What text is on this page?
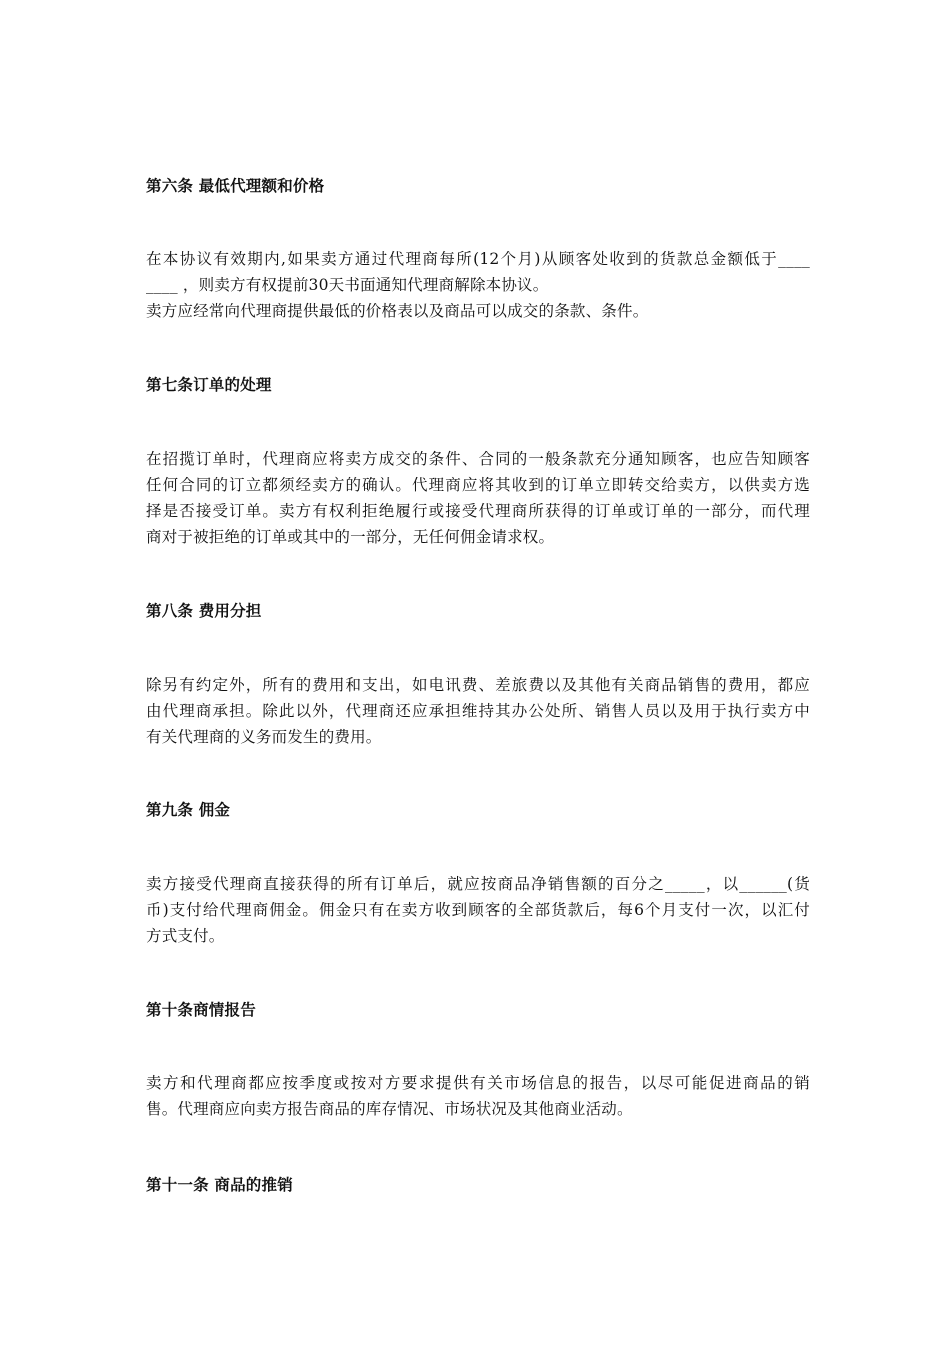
第六条 最低代理额和价格
在本协议有效期内,如果卖方通过代理商每所(12个月)从顾客处收到的货款总金额低于____
____ ，则卖方有权提前30天书面通知代理商解除本协议。
卖方应经常向代理商提供最低的价格表以及商品可以成交的条款、条件。
第七条订单的处理
在招揽订单时，代理商应将卖方成交的条件、合同的一般条款充分通知顾客，也应告知顾客
任何合同的订立都须经卖方的确认。代理商应将其收到的订单立即转交给卖方，以供卖方选
择是否接受订单。卖方有权利拒绝履行或接受代理商所获得的订单或订单的一部分，而代理
商对于被拒绝的订单或其中的一部分，无任何佣金请求权。
第八条 费用分担
除另有约定外，所有的费用和支出，如电讯费、差旅费以及其他有关商品销售的费用，都应
由代理商承担。除此以外，代理商还应承担维持其办公处所、销售人员以及用于执行卖方中
有关代理商的义务而发生的费用。
第九条 佣金
卖方接受代理商直接获得的所有订单后，就应按商品净销售额的百分之_____，以______(货
币)支付给代理商佣金。佣金只有在卖方收到顾客的全部货款后，每6个月支付一次，以汇付
方式支付。
第十条商情报告
卖方和代理商都应按季度或按对方要求提供有关市场信息的报告，以尽可能促进商品的销
售。代理商应向卖方报告商品的库存情况、市场状况及其他商业活动。
第十一条 商品的推销
